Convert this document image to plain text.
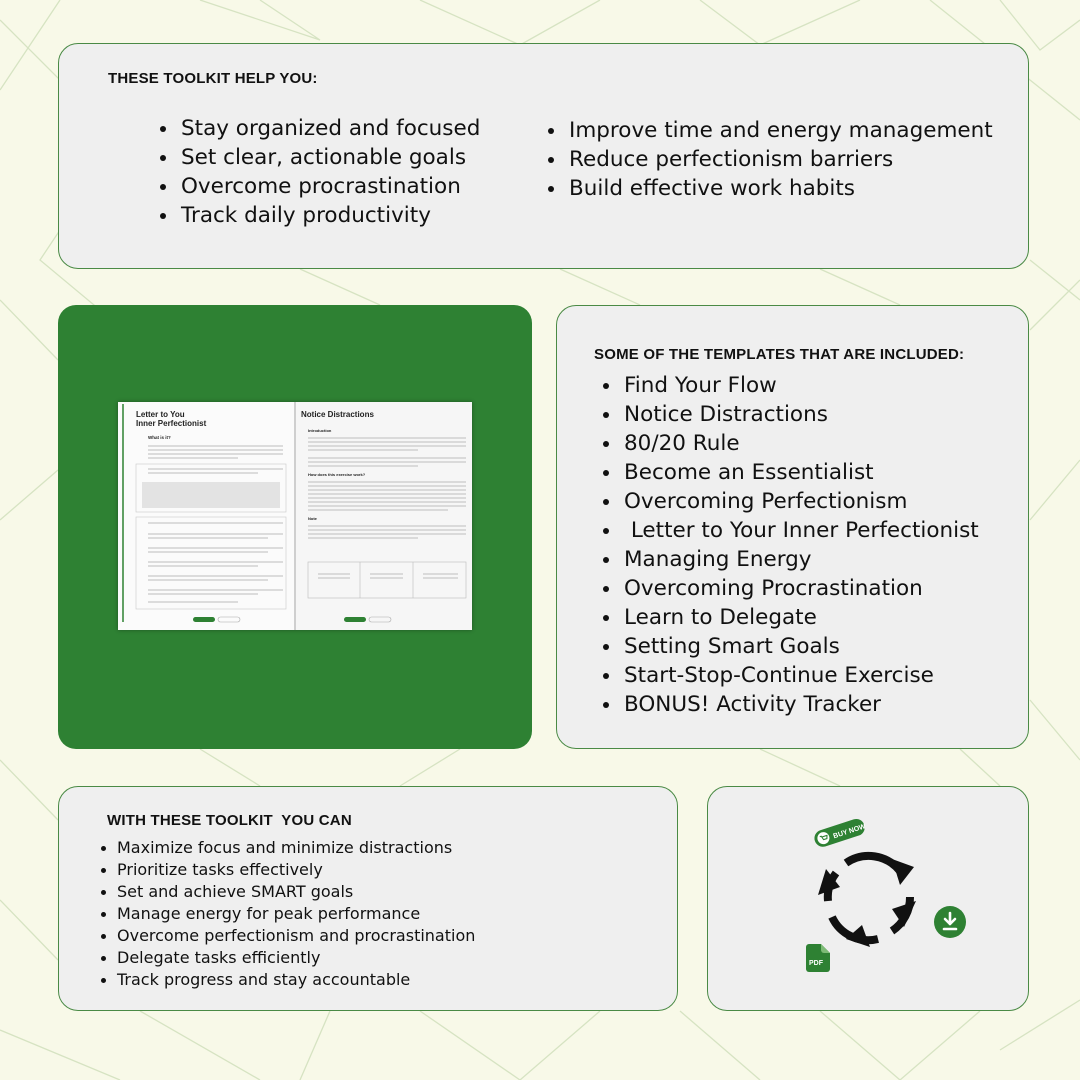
THESE TOOLKIT HELP YOU:
Stay organized and focused
Set clear, actionable goals
Overcome procrastination
Track daily productivity
Improve time and energy management
Reduce perfectionism barriers
Build effective work habits
Letter to You
Inner Perfectionist
What is it?
Notice Distractions
Introduction
How does this exercise work?
Note
SOME OF THE TEMPLATES THAT ARE INCLUDED:
Find Your Flow
Notice Distractions
80/20 Rule
Become an Essentialist
Overcoming Perfectionism
Letter to Your Inner Perfectionist
Managing Energy
Overcoming Procrastination
Learn to Delegate
Setting Smart Goals
Start-Stop-Continue Exercise
BONUS! Activity Tracker
WITH THESE TOOLKIT  YOU CAN
Maximize focus and minimize distractions
Prioritize tasks effectively
Set and achieve SMART goals
Manage energy for peak performance
Overcome perfectionism and procrastination
Delegate tasks efficiently
Track progress and stay accountable
BUY NOW
PDF
